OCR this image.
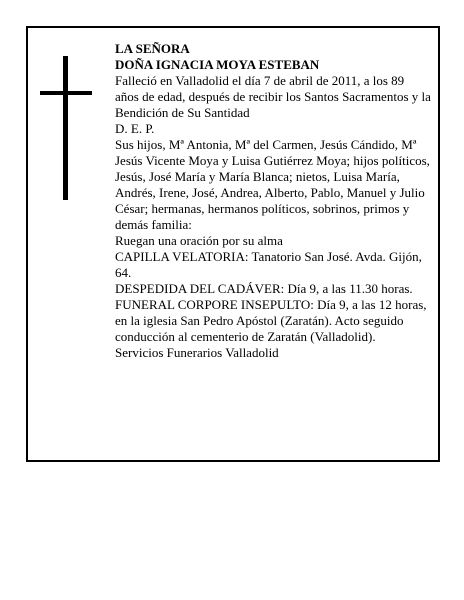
LA SEÑORA

DOÑA IGNACIA MOYA ESTEBAN

Falleció en Valladolid el día 7 de abril de 2011, a los 89 años de edad, después de recibir los Santos Sacramentos y la Bendición de Su Santidad

D. E. P.

Sus hijos, Mª Antonia, Mª del Carmen, Jesús Cándido, Mª Jesús Vicente Moya y Luisa Gutiérrez Moya; hijos políticos, Jesús, José María y María Blanca; nietos, Luisa María, Andrés, Irene, José, Andrea, Alberto, Pablo, Manuel y Julio César; hermanas, hermanos políticos, sobrinos, primos y demás familia:

Ruegan una oración por su alma

CAPILLA VELATORIA: Tanatorio San José. Avda. Gijón, 64.

DESPEDIDA DEL CADÁVER: Día 9, a las 11.30 horas.

FUNERAL CORPORE INSEPULTO: Día 9, a las 12 horas, en la iglesia San Pedro Apóstol (Zaratán). Acto seguido conducción al cementerio de Zaratán (Valladolid).

Servicios Funerarios Valladolid
